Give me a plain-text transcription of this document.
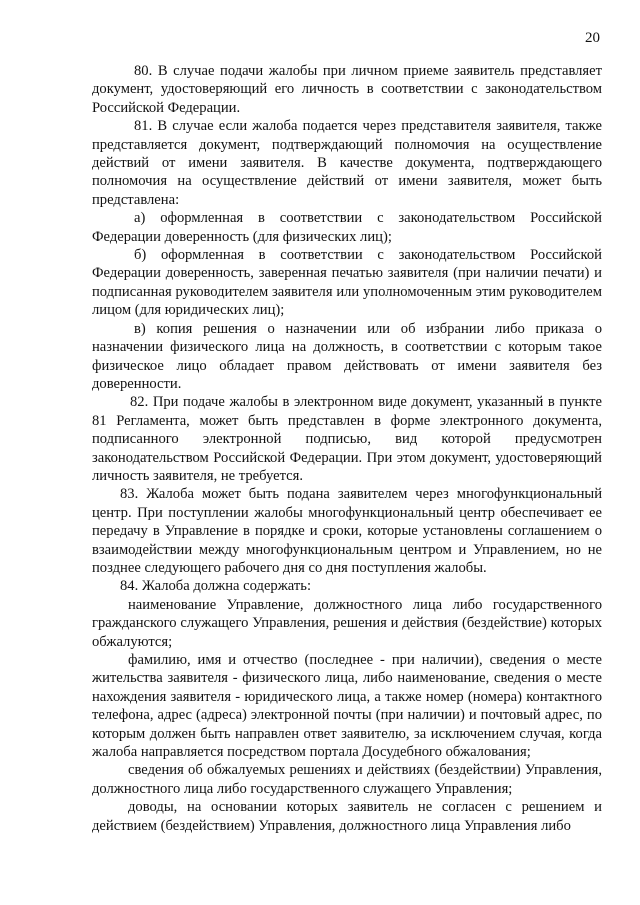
20

80. В случае подачи жалобы при личном приеме заявитель представляет документ, удостоверяющий его личность в соответствии с законодательством Российской Федерации.

81. В случае если жалоба подается через представителя заявителя, также представляется документ, подтверждающий полномочия на осуществление действий от имени заявителя. В качестве документа, подтверждающего полномочия на осуществление действий от имени заявителя, может быть представлена:

а) оформленная в соответствии с законодательством Российской Федерации доверенность (для физических лиц);

б) оформленная в соответствии с законодательством Российской Федерации доверенность, заверенная печатью заявителя (при наличии печати) и подписанная руководителем заявителя или уполномоченным этим руководителем лицом (для юридических лиц);

в) копия решения о назначении или об избрании либо приказа о назначении физического лица на должность, в соответствии с которым такое физическое лицо обладает правом действовать от имени заявителя без доверенности.

82. При подаче жалобы в электронном виде документ, указанный в пункте 81 Регламента, может быть представлен в форме электронного документа, подписанного электронной подписью, вид которой предусмотрен законодательством Российской Федерации. При этом документ, удостоверяющий личность заявителя, не требуется.

83. Жалоба может быть подана заявителем через многофункциональный центр. При поступлении жалобы многофункциональный центр обеспечивает ее передачу в Управление в порядке и сроки, которые установлены соглашением о взаимодействии между многофункциональным центром и Управлением, но не позднее следующего рабочего дня со дня поступления жалобы.

84. Жалоба должна содержать:

наименование Управление, должностного лица либо государственного гражданского служащего Управления, решения и действия (бездействие) которых обжалуются;

фамилию, имя и отчество (последнее - при наличии), сведения о месте жительства заявителя - физического лица, либо наименование, сведения о месте нахождения заявителя - юридического лица, а также номер (номера) контактного телефона, адрес (адреса) электронной почты (при наличии) и почтовый адрес, по которым должен быть направлен ответ заявителю, за исключением случая, когда жалоба направляется посредством портала Досудебного обжалования;

сведения об обжалуемых решениях и действиях (бездействии) Управления, должностного лица либо государственного служащего Управления;

доводы, на основании которых заявитель не согласен с решением и действием (бездействием) Управления, должностного лица Управления либо
